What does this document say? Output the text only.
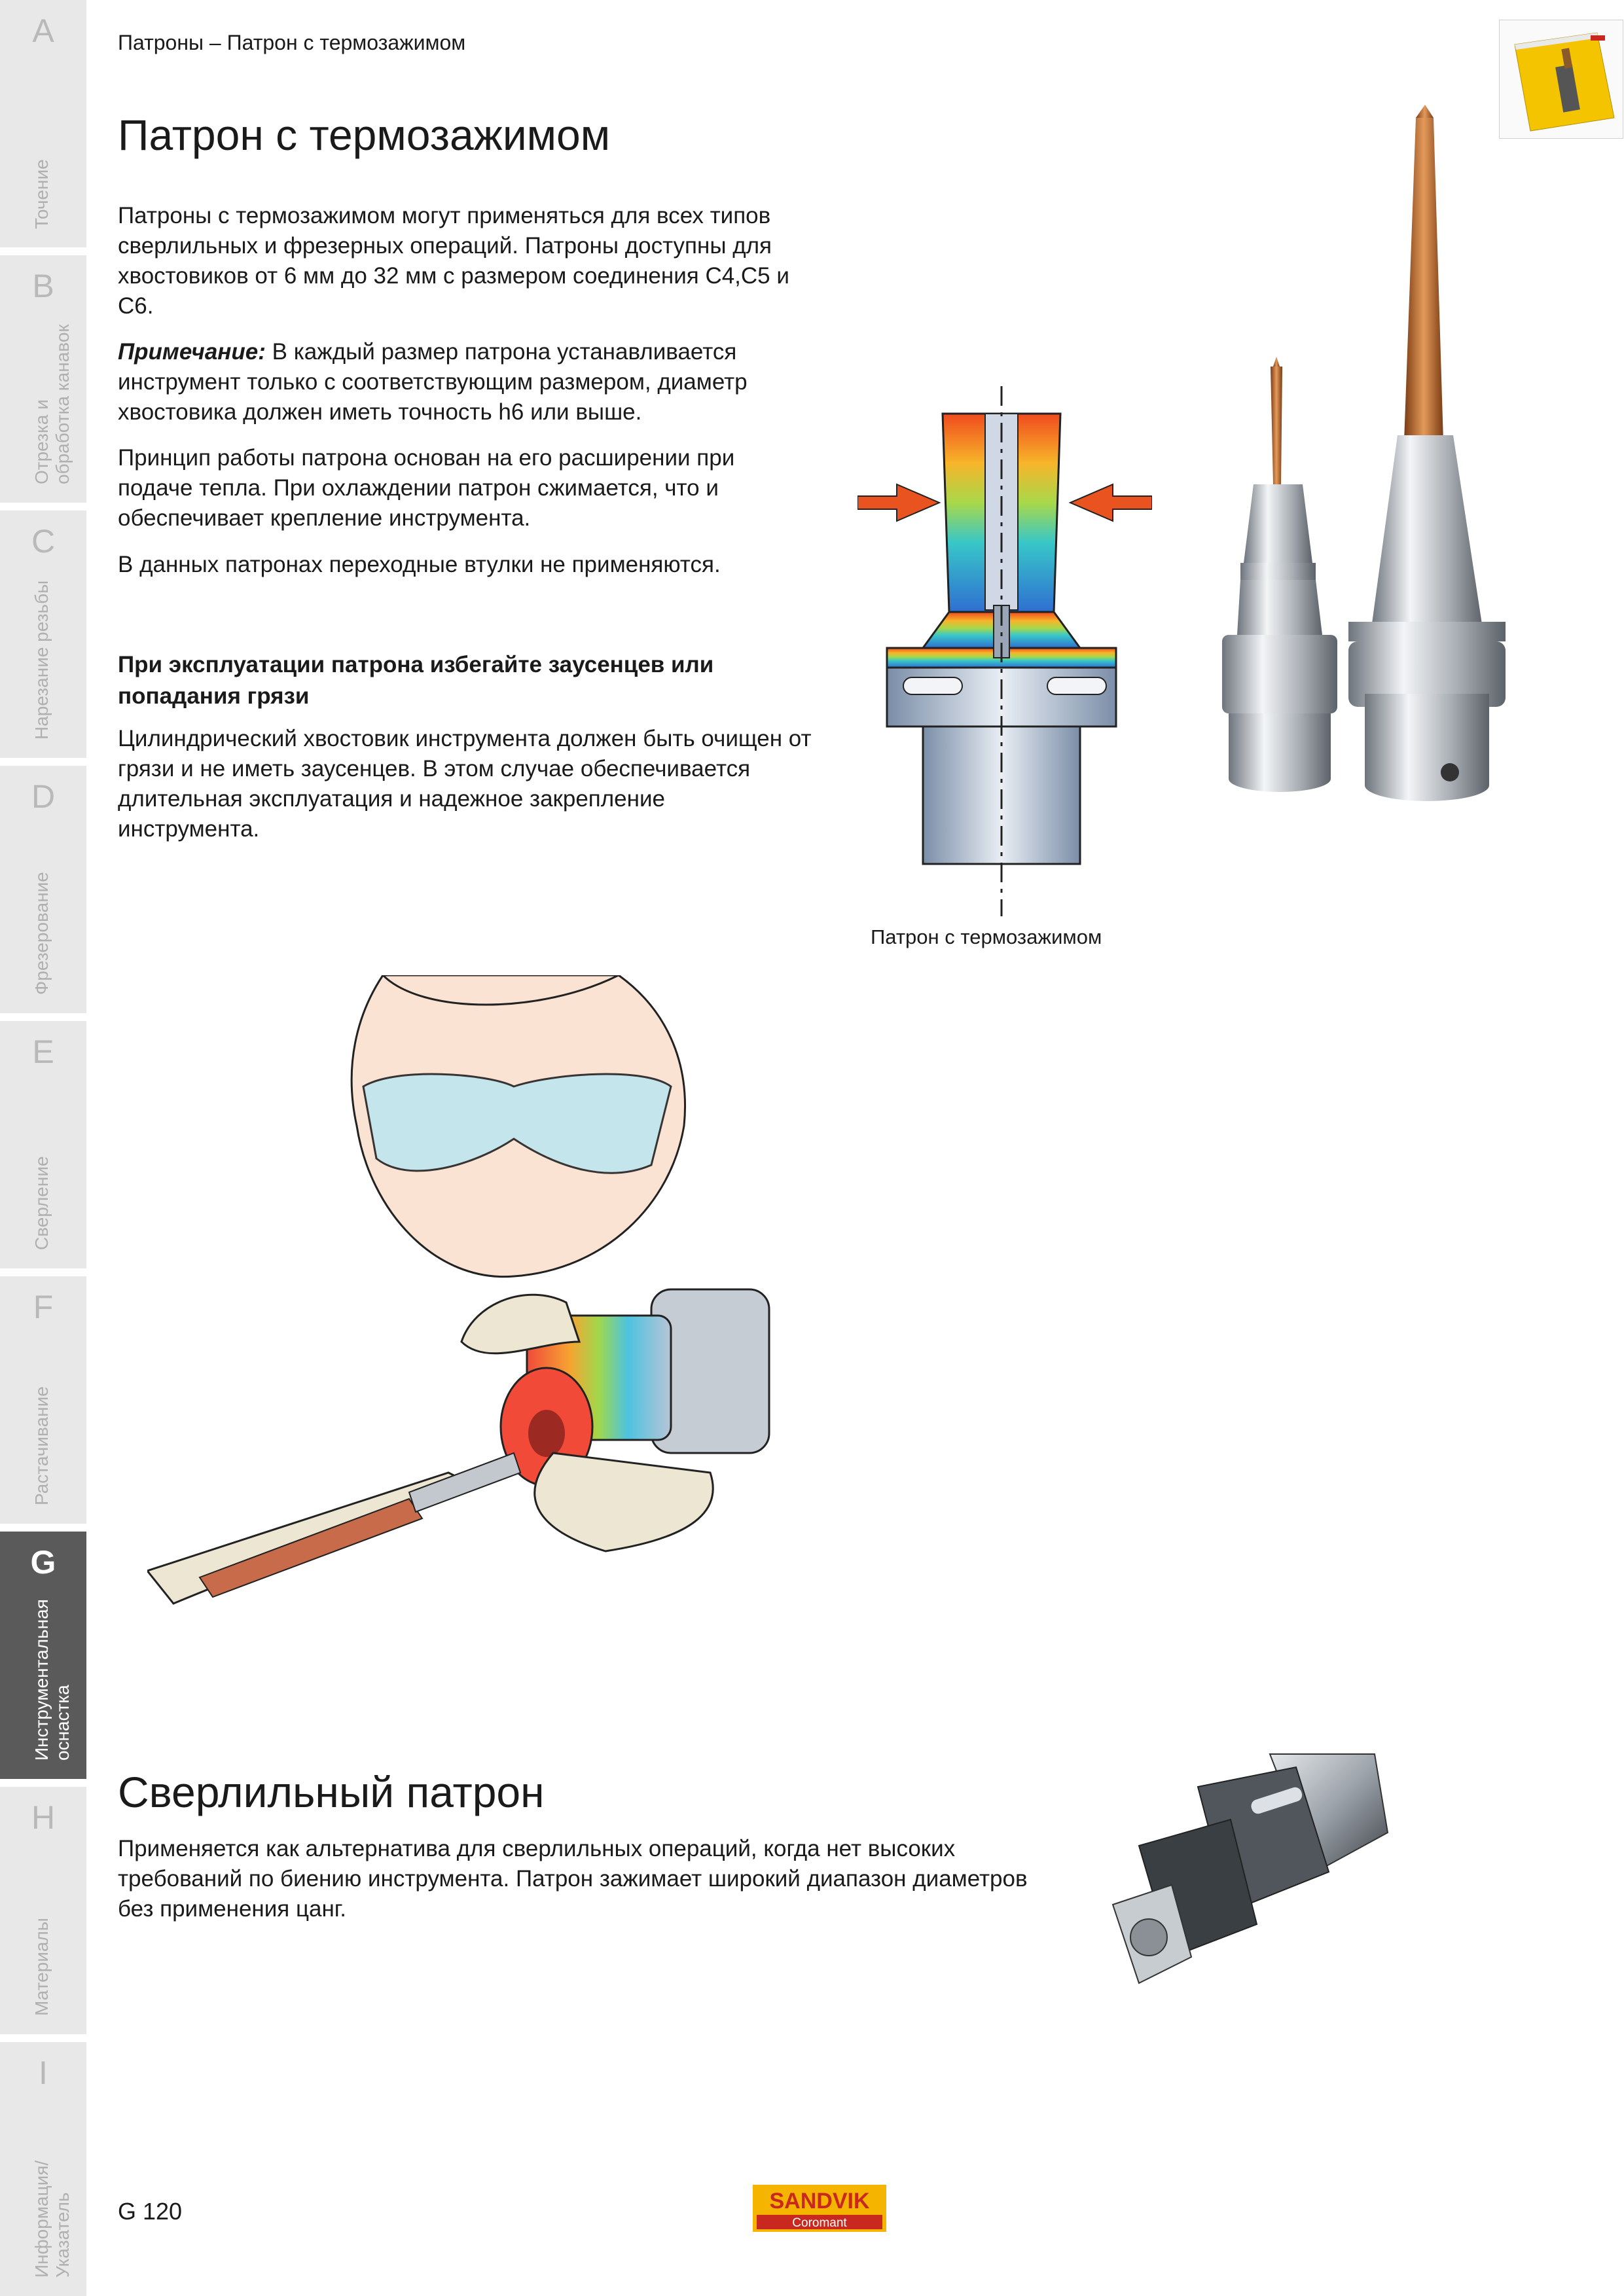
A
Точение
B
Отрезка и
обработка канавок
C
Нарезание резьбы
D
Фрезерование
E
Сверление
F
Растачивание
G
Инструментальная
оснастка
H
Материалы
I
Информация/
Указатель
Патроны – Патрон с термозажимом
Патрон с термозажимом

Патроны с термозажимом могут применяться для всех типов сверлильных и фрезерных операций. Патроны доступны для хвостовиков от 6 мм до 32 мм с размером соединения C4,C5 и C6.

Примечание: В каждый размер патрона устанавливается инструмент только с соответствующим размером, диаметр хвостовика должен иметь точность h6 или выше.

Принцип работы патрона основан на его расширении при подаче тепла. При охлаждении патрон сжимается, что и обеспечивает крепление инструмента.

В данных патронах переходные втулки не применяются.

При эксплуатации патрона избегайте заусенцев или попадания грязи

Цилиндрический хвостовик инструмента должен быть очищен от грязи и не иметь заусенцев. В этом случае обеспечивается длительная эксплуатация и надежное закрепление инструмента.

Патрон с термозажимом
Сверлильный патрон

Применяется как альтернатива для сверлильных операций, когда нет высоких требований по биению инструмента. Патрон зажимает широкий диапазон диаметров без применения цанг.

G 120	SANDVIK
Coromant
